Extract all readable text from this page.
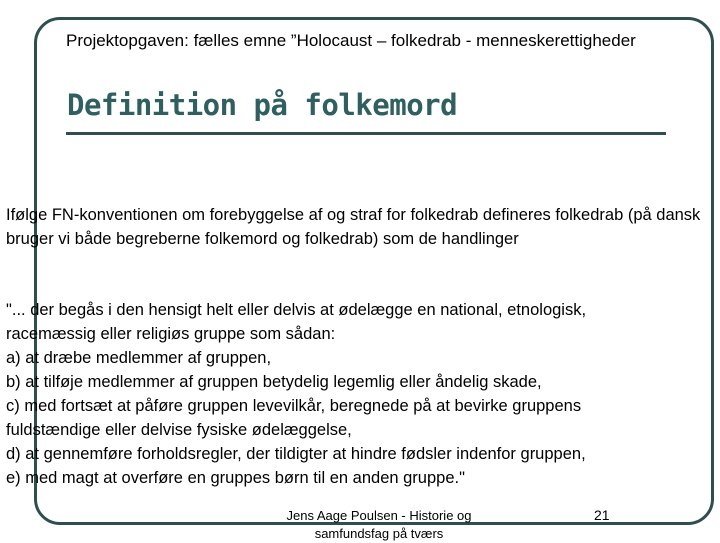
Projektopgaven: fælles emne ”Holocaust – folkedrab - menneskerettigheder
Definition på folkemord

Ifølge FN-konventionen om forebyggelse af og straf for folkedrab defineres folkedrab (på dansk bruger vi både begreberne folkemord og folkedrab) som de handlinger

"... der begås i den hensigt helt eller delvis at ødelægge en national, etnologisk,
racemæssig eller religiøs gruppe som sådan:
a) at dræbe medlemmer af gruppen,
b) at tilføje medlemmer af gruppen betydelig legemlig eller åndelig skade,
c) med fortsæt at påføre gruppen levevilkår, beregnede på at bevirke gruppens
fuldstændige eller delvise fysiske ødelæggelse,
d) at gennemføre forholdsregler, der tildigter at hindre fødsler indenfor gruppen,
e) med magt at overføre en gruppes børn til en anden gruppe."

Jens Aage Poulsen - Historie og samfundsfag på tværs

21
